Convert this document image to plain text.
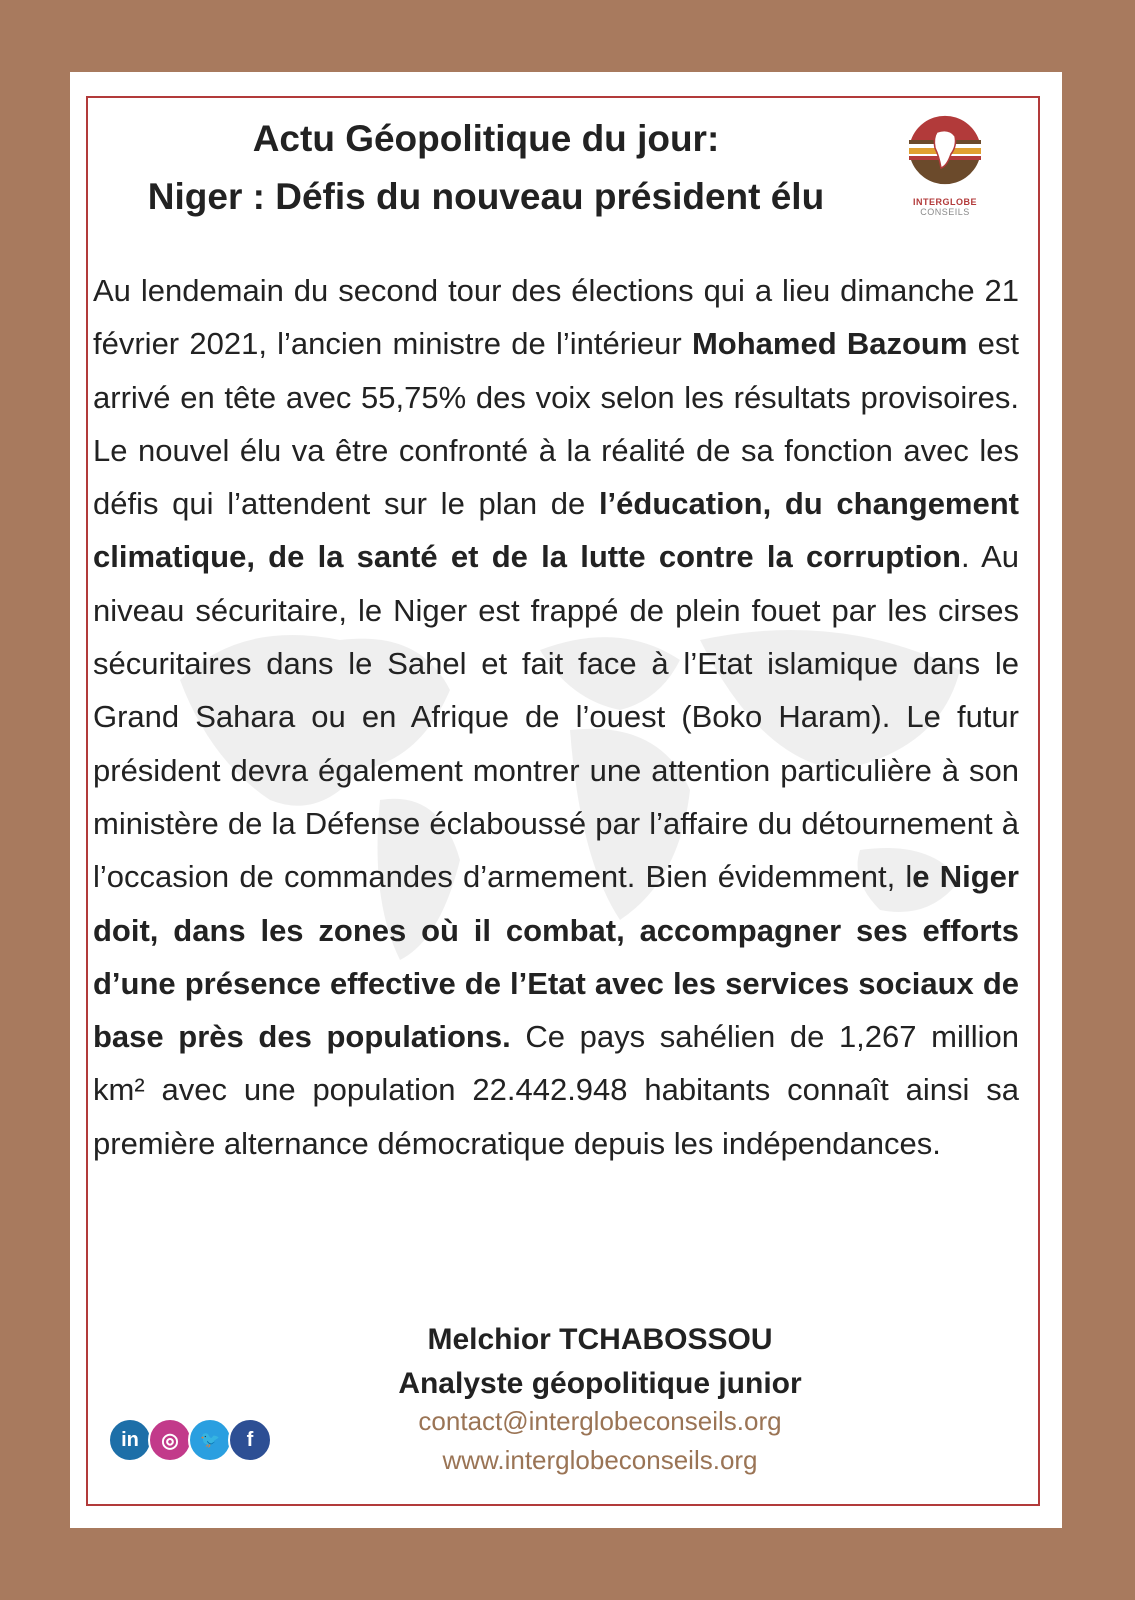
Actu Géopolitique du jour:
Niger : Défis du nouveau président élu	INTERGLOBE
CONSEILS
Au lendemain du second tour des élections qui a lieu dimanche 21 février 2021, l’ancien ministre de l’intérieur Mohamed Bazoum est arrivé en tête avec 55,75% des voix selon les résultats provisoires. Le nouvel élu va être confronté à la réalité de sa fonction avec les défis qui l’attendent sur le plan de l’éducation, du changement climatique, de la santé et de la lutte contre la corruption. Au niveau sécuritaire, le Niger est frappé de plein fouet par les cirses sécuritaires dans le Sahel et fait face à l’Etat islamique dans le Grand Sahara ou en Afrique de l’ouest (Boko Haram). Le futur président devra également montrer une attention particulière à son ministère de la Défense éclaboussé par l’affaire du détournement à l’occasion de commandes d’armement. Bien évidemment, le Niger doit, dans les zones où il combat, accompagner ses efforts d’une présence effective de l’Etat avec les services sociaux de base près des populations. Ce pays sahélien de 1,267 million km² avec une population 22.442.948 habitants connaît ainsi sa première alternance démocratique depuis les indépendances.
Melchior TCHABOSSOU
Analyste géopolitique junior
contact@interglobeconseils.org
www.interglobeconseils.org
in	◎	🐦	f
